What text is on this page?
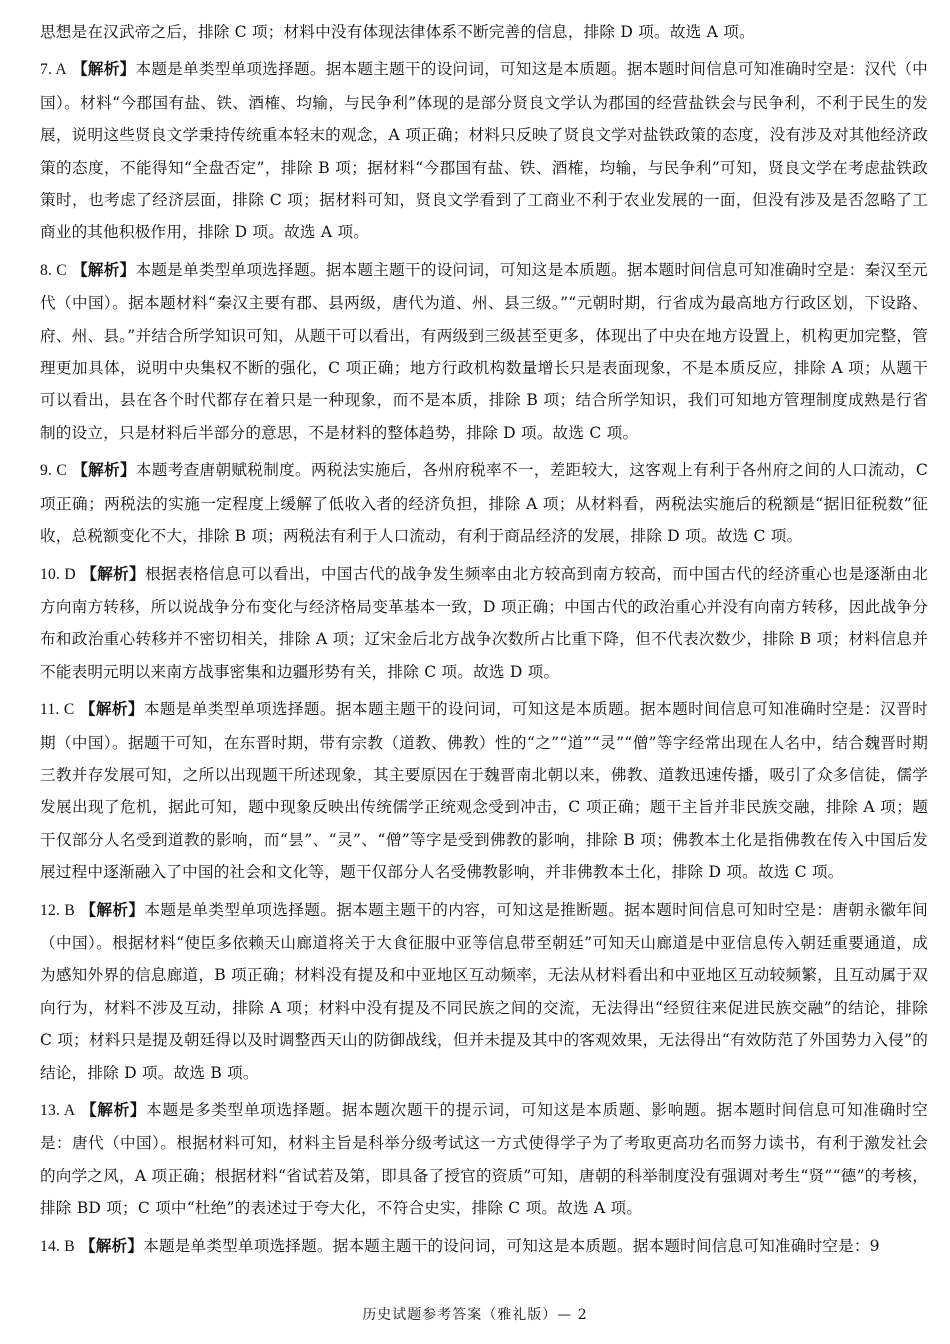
思想是在汉武帝之后，排除 C 项；材料中没有体现法律体系不断完善的信息，排除 D 项。故选 A 项。

7. A 【解析】本题是单类型单项选择题。据本题主题干的设问词，可知这是本质题。据本题时间信息可知准确时空是：汉代（中国）。材料“今郡国有盐、铁、酒榷、均输，与民争利”体现的是部分贤良文学认为郡国的经营盐铁会与民争利，不利于民生的发展，说明这些贤良文学秉持传统重本轻末的观念，A 项正确；材料只反映了贤良文学对盐铁政策的态度，没有涉及对其他经济政策的态度，不能得知“全盘否定”，排除 B 项；据材料“今郡国有盐、铁、酒榷，均输，与民争利”可知，贤良文学在考虑盐铁政策时，也考虑了经济层面，排除 C 项；据材料可知，贤良文学看到了工商业不利于农业发展的一面，但没有涉及是否忽略了工商业的其他积极作用，排除 D 项。故选 A 项。
8. C 【解析】本题是单类型单项选择题。据本题主题干的设问词，可知这是本质题。据本题时间信息可知准确时空是：秦汉至元代（中国）。据本题材料“秦汉主要有郡、县两级，唐代为道、州、县三级。”“元朝时期，行省成为最高地方行政区划，下设路、府、州、县。”并结合所学知识可知，从题干可以看出，有两级到三级甚至更多，体现出了中央在地方设置上，机构更加完整，管理更加具体，说明中央集权不断的强化，C 项正确；地方行政机构数量增长只是表面现象，不是本质反应，排除 A 项；从题干可以看出，县在各个时代都存在着只是一种现象，而不是本质，排除 B 项；结合所学知识，我们可知地方管理制度成熟是行省制的设立，只是材料后半部分的意思，不是材料的整体趋势，排除 D 项。故选 C 项。
9. C 【解析】本题考查唐朝赋税制度。两税法实施后，各州府税率不一，差距较大，这客观上有利于各州府之间的人口流动，C 项正确；两税法的实施一定程度上缓解了低收入者的经济负担，排除 A 项；从材料看，两税法实施后的税额是“据旧征税数”征收，总税额变化不大，排除 B 项；两税法有利于人口流动，有利于商品经济的发展，排除 D 项。故选 C 项。
10. D 【解析】根据表格信息可以看出，中国古代的战争发生频率由北方较高到南方较高，而中国古代的经济重心也是逐渐由北方向南方转移，所以说战争分布变化与经济格局变革基本一致，D 项正确；中国古代的政治重心并没有向南方转移，因此战争分布和政治重心转移并不密切相关，排除 A 项；辽宋金后北方战争次数所占比重下降，但不代表次数少，排除 B 项；材料信息并不能表明元明以来南方战事密集和边疆形势有关，排除 C 项。故选 D 项。
11. C 【解析】本题是单类型单项选择题。据本题主题干的设问词，可知这是本质题。据本题时间信息可知准确时空是：汉晋时期（中国）。据题干可知，在东晋时期，带有宗教（道教、佛教）性的“之”“道”“灵”“僧”等字经常出现在人名中，结合魏晋时期三教并存发展可知，之所以出现题干所述现象，其主要原因在于魏晋南北朝以来，佛教、道教迅速传播，吸引了众多信徒，儒学发展出现了危机，据此可知，题中现象反映出传统儒学正统观念受到冲击，C 项正确；题干主旨并非民族交融，排除 A 项；题干仅部分人名受到道教的影响，而“昙”、“灵”、“僧”等字是受到佛教的影响，排除 B 项；佛教本土化是指佛教在传入中国后发展过程中逐渐融入了中国的社会和文化等，题干仅部分人名受佛教影响，并非佛教本土化，排除 D 项。故选 C 项。
12. B 【解析】本题是单类型单项选择题。据本题主题干的内容，可知这是推断题。据本题时间信息可知时空是：唐朝永徽年间（中国）。根据材料“使臣多依赖天山廊道将关于大食征服中亚等信息带至朝廷”可知天山廊道是中亚信息传入朝廷重要通道，成为感知外界的信息廊道，B 项正确；材料没有提及和中亚地区互动频率，无法从材料看出和中亚地区互动较频繁，且互动属于双向行为，材料不涉及互动，排除 A 项；材料中没有提及不同民族之间的交流，无法得出“经贸往来促进民族交融”的结论，排除 C 项；材料只是提及朝廷得以及时调整西天山的防御战线，但并未提及其中的客观效果，无法得出“有效防范了外国势力入侵”的结论，排除 D 项。故选 B 项。
13. A 【解析】本题是多类型单项选择题。据本题次题干的提示词，可知这是本质题、影响题。据本题时间信息可知准确时空是：唐代（中国）。根据材料可知，材料主旨是科举分级考试这一方式使得学子为了考取更高功名而努力读书，有利于激发社会的向学之风，A 项正确；根据材料“省试若及第，即具备了授官的资质”可知，唐朝的科举制度没有强调对考生“贤”“德”的考核，排除 BD 项；C 项中“杜绝”的表述过于夸大化，不符合史实，排除 C 项。故选 A 项。
14. B 【解析】本题是单类型单项选择题。据本题主题干的设问词，可知这是本质题。据本题时间信息可知准确时空是：9
历史试题参考答案（雅礼版）— 2
